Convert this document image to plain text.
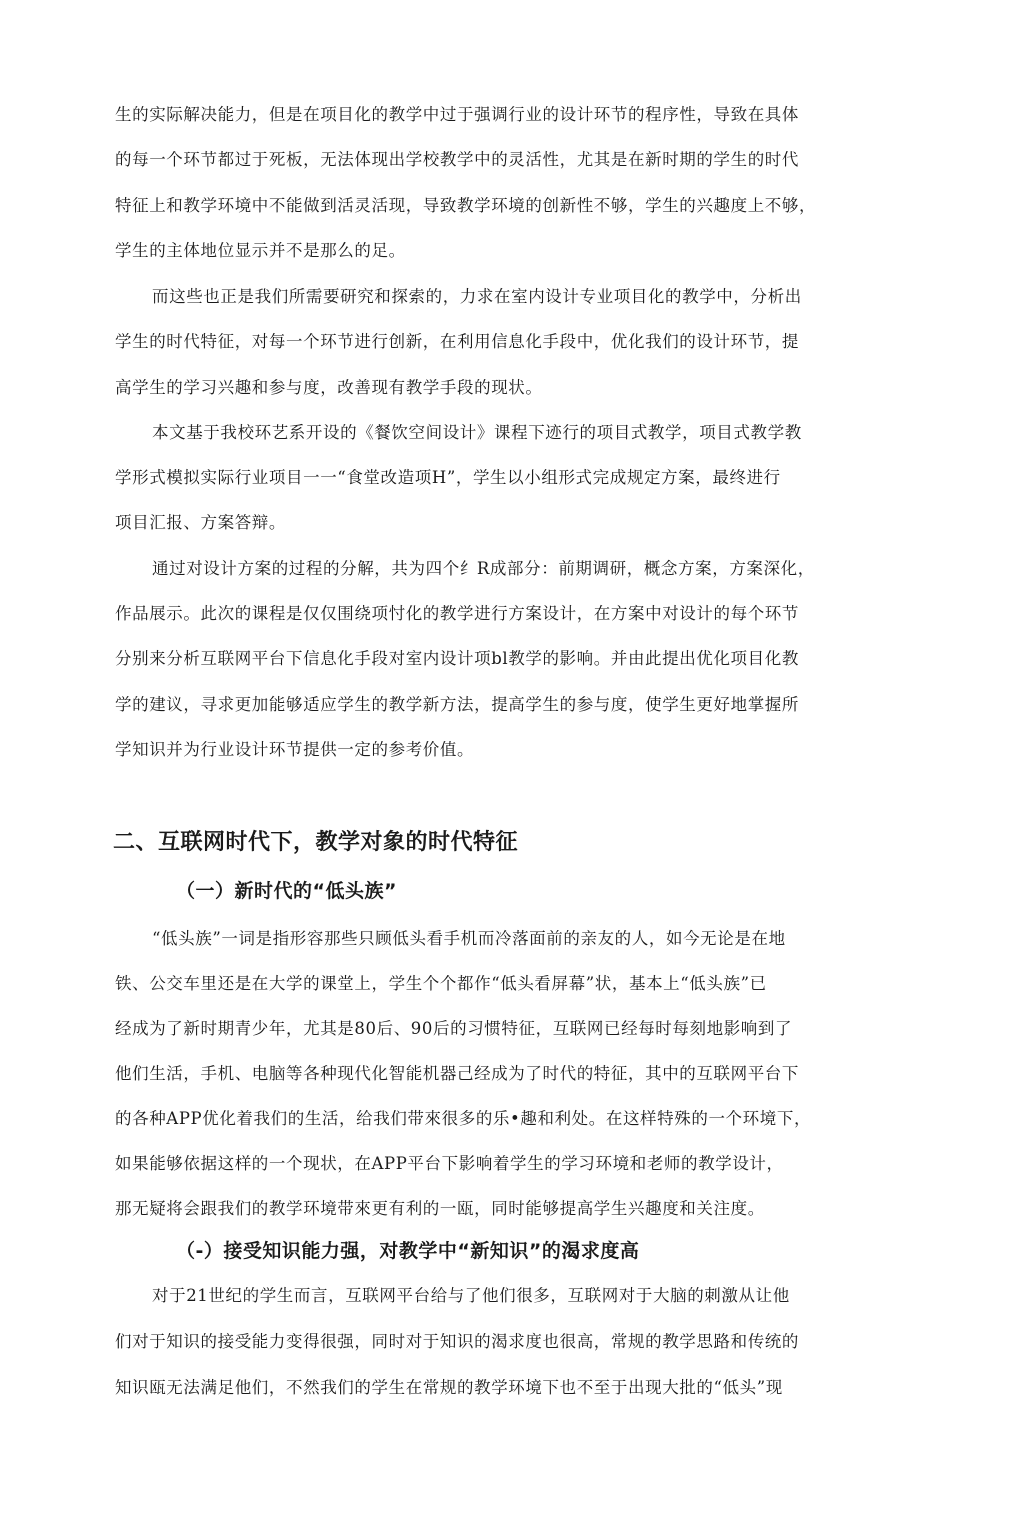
生的实际解决能力，但是在项目化的教学中过于强调行业的设计环节的程序性，导致在具体
的每一个环节都过于死板，无法体现出学校教学中的灵活性，尤其是在新时期的学生的时代
特征上和教学环境中不能做到活灵活现，导致教学环境的创新性不够，学生的兴趣度上不够，
学生的主体地位显示并不是那么的足。
而这些也正是我们所需要研究和探索的，力求在室内设计专业项目化的教学中，分析出
学生的时代特征，对每一个环节进行创新，在利用信息化手段中，优化我们的设计环节，提
高学生的学习兴趣和参与度，改善现有教学手段的现状。
本文基于我校环艺系开设的《餐饮空间设计》课程下迹行的项目式教学，项目式教学教
学形式模拟实际行业项目一一“食堂改造项H”，学生以小组形式完成规定方案，最终进行
项目汇报、方案答辩。
通过对设计方案的过程的分解，共为四个纟R成部分：前期调研，概念方案，方案深化，
作品展示。此次的课程是仅仅围绕项忖化的教学进行方案设计，在方案中对设计的每个环节
分别来分析互联网平台下信息化手段对室内设计项bl教学的影响。并由此提出优化项目化教
学的建议，寻求更加能够适应学生的教学新方法，提高学生的参与度，使学生更好地掌握所
学知识并为行业设计环节提供一定的参考价值。
二、互联网时代下，教学对象的时代特征
（一）新时代的“低头族”
“低头族”一词是指形容那些只顾低头看手机而冷落面前的亲友的人，如今无论是在地
铁、公交车里还是在大学的课堂上，学生个个都作“低头看屏幕”状，基本上“低头族”已
经成为了新时期青少年，尤其是80后、90后的习惯特征，互联网已经每时每刻地影响到了
他们生活，手机、电脑等各种现代化智能机器己经成为了时代的特征，其中的互联网平台下
的各种APP优化着我们的生活，给我们带來很多的乐•趣和利处。在这样特殊的一个环境下，
如果能够依据这样的一个现状，在APP平台下影响着学生的学习环境和老师的教学设计，
那无疑将会跟我们的教学环境带來更有利的一瓯，同时能够提高学生兴趣度和关注度。
（-）接受知识能力强，对教学中“新知识”的渴求度高
对于21世纪的学生而言，互联网平台给与了他们很多，互联网对于大脑的刺激从让他
们对于知识的接受能力变得很强，同时对于知识的渴求度也很高，常规的教学思路和传统的
知识瓯无法满足他们，不然我们的学生在常规的教学环境下也不至于出现大批的“低头”现
